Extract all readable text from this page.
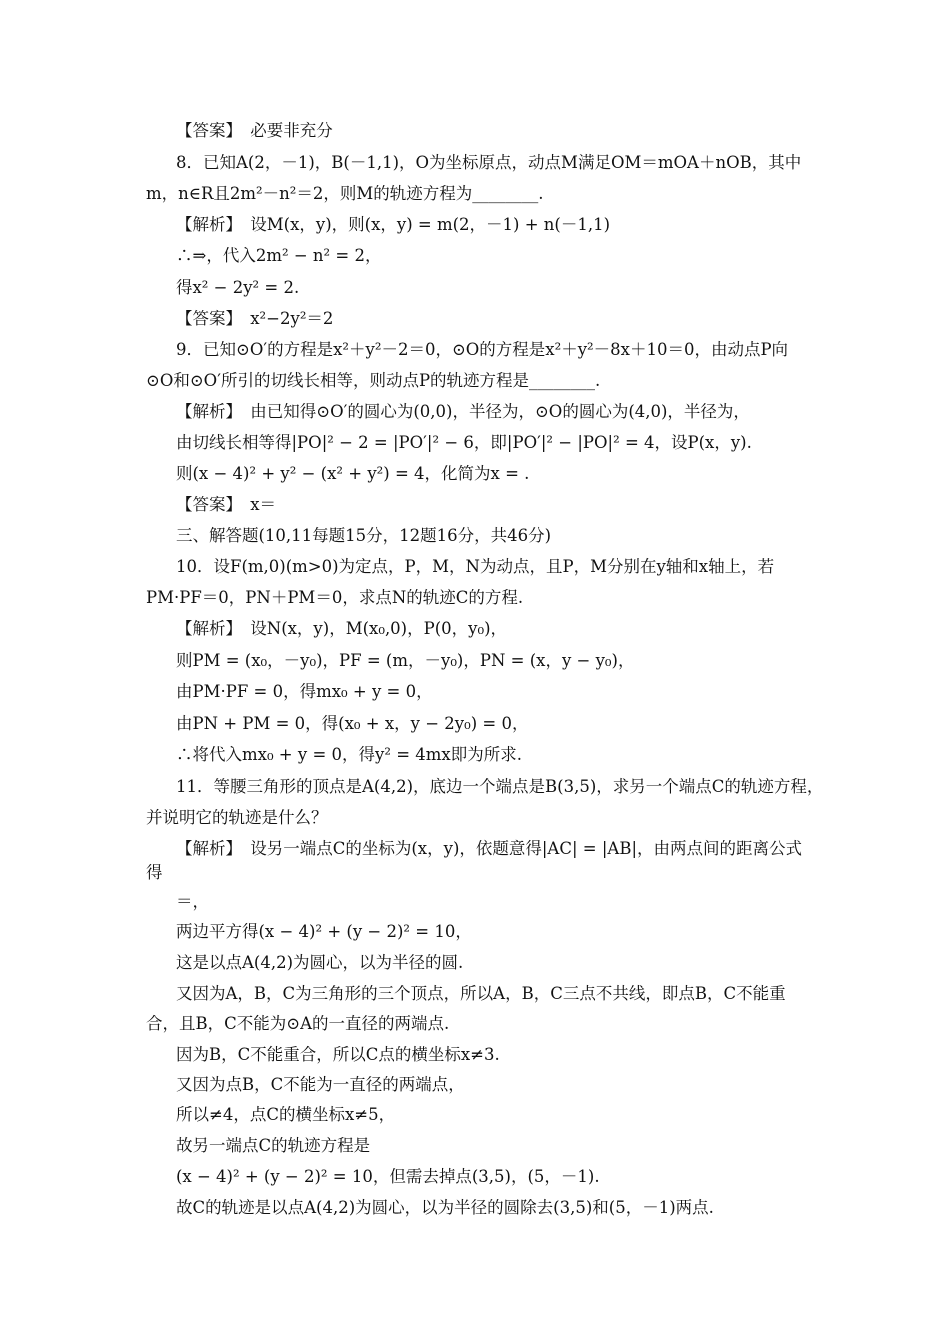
【答案】　必要非充分
8．已知A(2，－1)，B(－1,1)，O为坐标原点，动点M满足OM＝mOA＋nOB，其中
m，n∈R且2m²－n²＝2，则M的轨迹方程为________.
【解析】　设M(x，y)，则(x，y) = m(2，－1) + n(－1,1)
∴⇒，代入2m² − n² = 2，
得x² − 2y² = 2.
【答案】　x²−2y²＝2
9．已知⊙O′的方程是x²＋y²－2＝0，⊙O的方程是x²＋y²－8x＋10＝0，由动点P向
⊙O和⊙O′所引的切线长相等，则动点P的轨迹方程是________.
【解析】　由已知得⊙O′的圆心为(0,0)，半径为，⊙O的圆心为(4,0)，半径为，
由切线长相等得|PO|² − 2 = |PO′|² − 6，即|PO′|² − |PO|² = 4，设P(x，y).
则(x − 4)² + y² − (x² + y²) = 4，化简为x = .
【答案】　x＝
三、解答题(10,11每题15分，12题16分，共46分)
10．设F(m,0)(m>0)为定点，P，M，N为动点，且P，M分别在y轴和x轴上，若
PM·PF＝0，PN＋PM＝0，求点N的轨迹C的方程.
【解析】　设N(x，y)，M(x₀,0)，P(0，y₀)，
则PM = (x₀，－y₀)，PF = (m，－y₀)，PN = (x，y − y₀)，
由PM·PF = 0，得mx₀ + y = 0，
由PN + PM = 0，得(x₀ + x，y − 2y₀) = 0，
∴将代入mx₀ + y = 0，得y² = 4mx即为所求.
11．等腰三角形的顶点是A(4,2)，底边一个端点是B(3,5)，求另一个端点C的轨迹方程，
并说明它的轨迹是什么？
【解析】　设另一端点C的坐标为(x，y)，依题意得|AC| = |AB|，由两点间的距离公式
得
＝，
两边平方得(x − 4)² + (y − 2)² = 10，
这是以点A(4,2)为圆心，以为半径的圆.
又因为A，B，C为三角形的三个顶点，所以A，B，C三点不共线，即点B，C不能重
合，且B，C不能为⊙A的一直径的两端点.
因为B，C不能重合，所以C点的横坐标x≠3.
又因为点B，C不能为一直径的两端点，
所以≠4，点C的横坐标x≠5，
故另一端点C的轨迹方程是
(x − 4)² + (y − 2)² = 10，但需去掉点(3,5)，(5，－1).
故C的轨迹是以点A(4,2)为圆心，以为半径的圆除去(3,5)和(5，－1)两点.
